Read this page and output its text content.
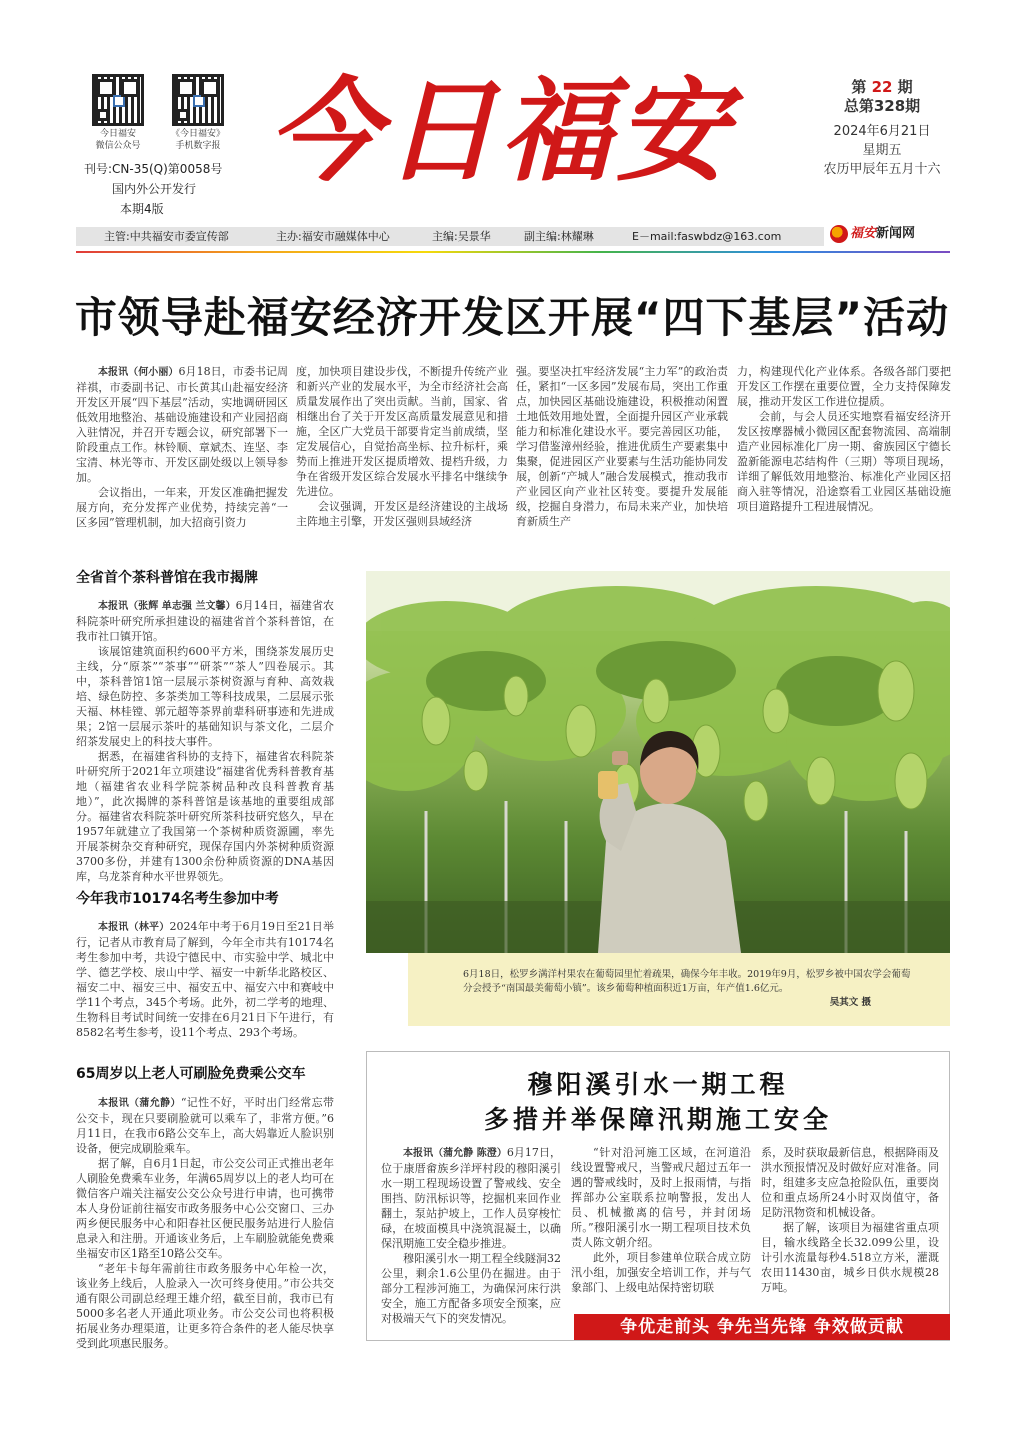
今日福安
微信公众号
《今日福安》
手机数字报
刊号:CN-35(Q)第0058号
国内外公开发行
本期4版
今日福安	第 22 期
总第328期
2024年6月21日
星期五
农历甲辰年五月十六
主管:中共福安市委宣传部	主办:福安市融媒体中心	主编:吴景华	副主编:林耀琳	E－mail:faswbdz@163.com	福安新闻网
市领导赴福安经济开发区开展“四下基层”活动

本报讯（何小丽）6月18日，市委书记周祥祺，市委副书记、市长黄其山赴福安经济开发区开展“四下基层”活动，实地调研园区低效用地整治、基础设施建设和产业园招商入驻情况，并召开专题会议，研究部署下一阶段重点工作。林铃顺、章斌杰、连坚、李宝清、林光等市、开发区副处级以上领导参加。

会议指出，一年来，开发区准确把握发展方向，充分发挥产业优势，持续完善“一区多园”管理机制，加大招商引资力

度，加快项目建设步伐，不断提升传统产业和新兴产业的发展水平，为全市经济社会高质量发展作出了突出贡献。当前，国家、省相继出台了关于开发区高质量发展意见和措施，全区广大党员干部要肯定当前成绩，坚定发展信心，自觉抬高坐标、拉升标杆，乘势而上推进开发区提质增效、提档升级，力争在省级开发区综合发展水平排名中继续争先进位。

会议强调，开发区是经济建设的主战场主阵地主引擎，开发区强则县域经济

强。要坚决扛牢经济发展“主力军”的政治责任，紧扣“一区多园”发展布局，突出工作重点，加快园区基础设施建设，积极推动闲置土地低效用地处置，全面提升园区产业承载能力和标准化建设水平。要完善园区功能，学习借鉴漳州经验，推进优质生产要素集中集聚，促进园区产业要素与生活功能协同发展，创新“产城人”融合发展模式，推动我市产业园区向产业社区转变。要提升发展能级，挖掘自身潜力，布局未来产业，加快培育新质生产

力，构建现代化产业体系。各级各部门要把开发区工作摆在重要位置，全力支持保障发展，推动开发区工作进位提质。

会前，与会人员还实地察看福安经济开发区按摩器械小微园区配套物流园、高端制造产业园标准化厂房一期、畲族园区宁德长盈新能源电芯结构件（三期）等项目现场，详细了解低效用地整治、标准化产业园区招商入驻等情况，沿途察看工业园区基础设施项目道路提升工程进展情况。

全省首个茶科普馆在我市揭牌

本报讯（张辉 单志强 兰文馨）6月14日，福建省农科院茶叶研究所承担建设的福建省首个茶科普馆，在我市社口镇开馆。

该展馆建筑面积约600平方米，围绕茶发展历史主线，分“原茶”“茶事”“研茶”“茶人”四卷展示。其中，茶科普馆1馆一层展示茶树资源与育种、高效栽培、绿色防控、多茶类加工等科技成果，二层展示张天福、林桂镗、郭元超等茶界前辈科研事迹和先进成果；2馆一层展示茶叶的基础知识与茶文化，二层介绍茶发展史上的科技大事件。

据悉，在福建省科协的支持下，福建省农科院茶叶研究所于2021年立项建设“福建省优秀科普教育基地（福建省农业科学院茶树品种改良科普教育基地）”，此次揭牌的茶科普馆是该基地的重要组成部分。福建省农科院茶叶研究所茶科技研究悠久，早在1957年就建立了我国第一个茶树种质资源圃，率先开展茶树杂交育种研究，现保存国内外茶树种质资源3700多份，并建有1300余份种质资源的DNA基因库，乌龙茶育种水平世界领先。

今年我市10174名考生参加中考

本报讯（林平）2024年中考于6月19日至21日举行，记者从市教育局了解到，今年全市共有10174名考生参加中考，共设宁德民中、市实验中学、城北中学、德艺学校、扆山中学、福安一中新华北路校区、福安二中、福安三中、福安五中、福安六中和赛岐中学11个考点，345个考场。此外，初二学考的地理、生物科目考试时间统一安排在6月21日下午进行，有8582名考生参考，设11个考点、293个考场。

65周岁以上老人可刷脸免费乘公交车

本报讯（蒲允静）“记性不好，平时出门经常忘带公交卡，现在只要刷脸就可以乘车了，非常方便。”6月11日，在我市6路公交车上，高大妈靠近人脸识别设备，便完成刷脸乘车。

据了解，自6月1日起，市公交公司正式推出老年人刷脸免费乘车业务，年满65周岁以上的老人均可在微信客户端关注福安公交公众号进行申请，也可携带本人身份证前往福安市政务服务中心公交窗口、三办两乡便民服务中心和阳春社区便民服务站进行人脸信息录入和注册。开通该业务后，上车刷脸就能免费乘坐福安市区1路至10路公交车。

“老年卡每年需前往市政务服务中心年检一次，该业务上线后，人脸录入一次可终身使用。”市公共交通有限公司副总经理王雄介绍，截至目前，我市已有5000多名老人开通此项业务。市公交公司也将积极拓展业务办理渠道，让更多符合条件的老人能尽快享受到此项惠民服务。

6月18日，松罗乡满洋村果农在葡萄园里忙着疏果，确保今年丰收。2019年9月，松罗乡被中国农学会葡萄分会授予“南国最美葡萄小镇”。该乡葡萄种植面积近1万亩，年产值1.6亿元。
吴其文 摄
穆阳溪引水一期工程
多措并举保障汛期施工安全

本报讯（蒲允静 陈澄）6月17日，位于康厝畲族乡洋坪村段的穆阳溪引水一期工程现场设置了警戒线、安全围挡、防汛标识等，挖掘机来回作业翻土，泵站护坡上，工作人员穿梭忙碌，在坡面模具中浇筑混凝土，以确保汛期施工安全稳步推进。

穆阳溪引水一期工程全线隧洞32公里，剩余1.6公里仍在掘进。由于部分工程涉河施工，为确保河床行洪安全，施工方配备多项安全预案，应对极端天气下的突发情况。

“针对沿河施工区域，在河道沿线设置警戒尺，当警戒尺超过五年一遇的警戒线时，及时上报雨情，与指挥部办公室联系拉响警报，发出人员、机械撤离的信号，并封闭场所。”穆阳溪引水一期工程项目技术负责人陈文朝介绍。

此外，项目参建单位联合成立防汛小组，加强安全培训工作，并与气象部门、上级电站保持密切联

系，及时获取最新信息，根据降雨及洪水预报情况及时做好应对准备。同时，组建多支应急抢险队伍，重要岗位和重点场所24小时双岗值守，备足防汛物资和机械设备。

据了解，该项目为福建省重点项目，输水线路全长32.099公里，设计引水流量每秒4.518立方米，灌溉农田11430亩，城乡日供水规模28万吨。

争优走前头 争先当先锋 争效做贡献
